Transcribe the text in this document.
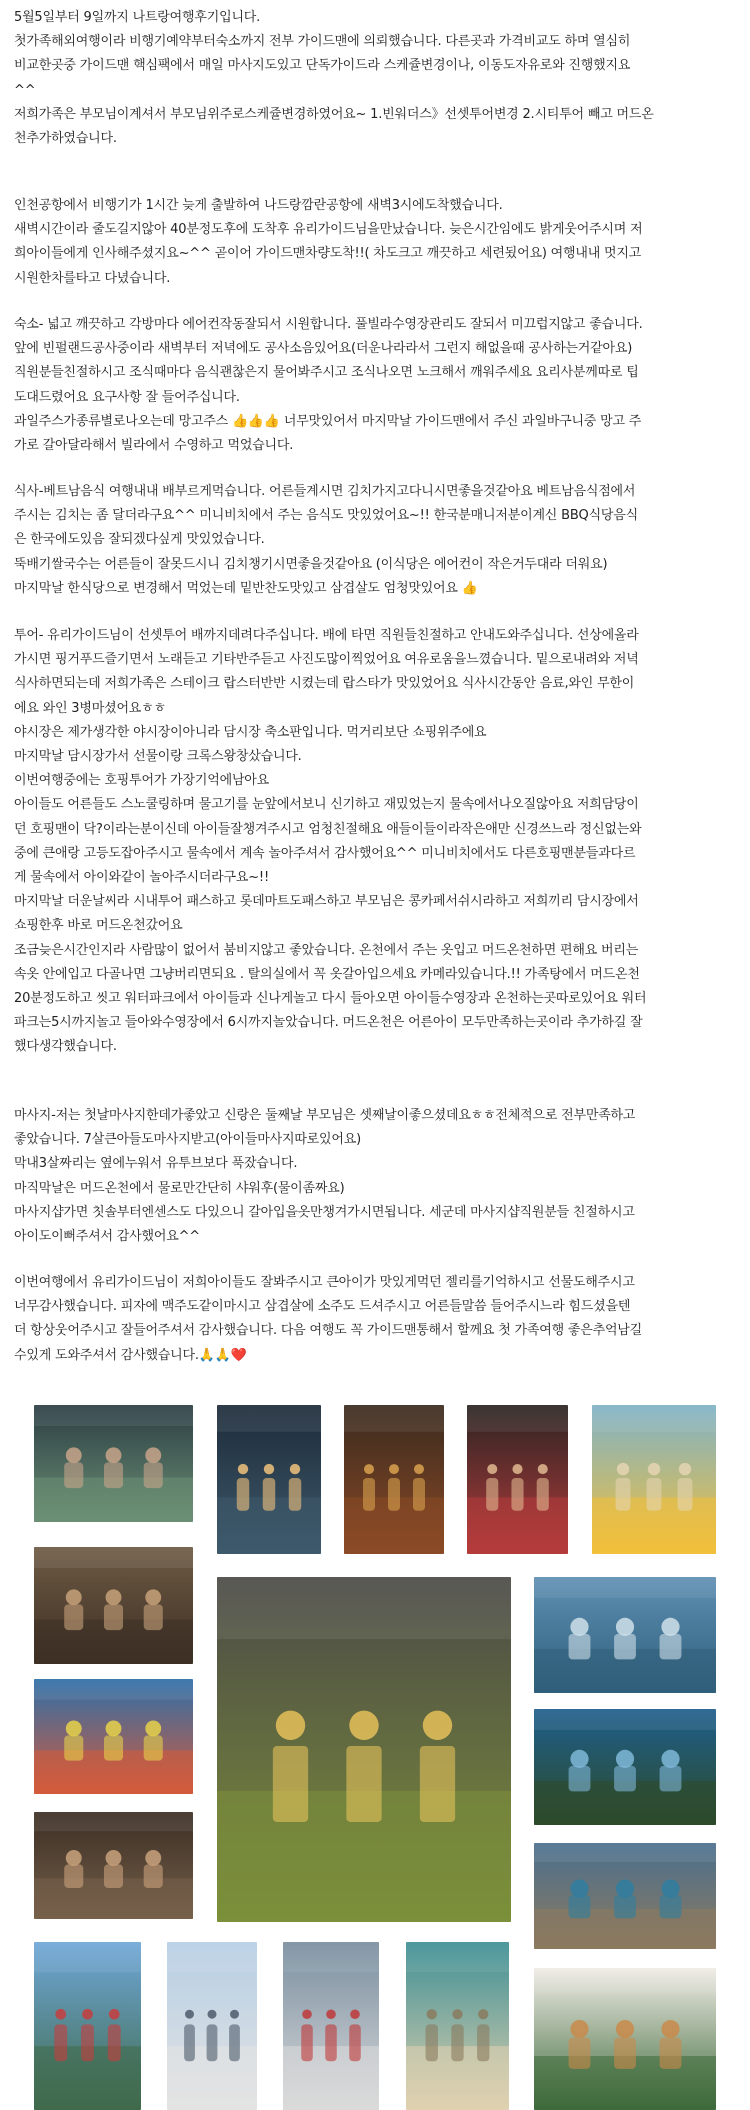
5월5일부터 9일까지 나트랑여행후기입니다.
첫가족해외여행이라 비행기예약부터숙소까지 전부 가이드맨에 의뢰했습니다. 다른곳과 가격비교도 하며 열심히
비교한곳중 가이드맨 핵심팩에서 매일 마사지도있고 단독가이드라 스케쥴변경이나, 이동도자유로와 진행했지요
^^
저희가족은 부모님이계셔서 부모님위주로스케쥴변경하였어요~ 1.빈워더스》선셋투어변경 2.시티투어 빼고 머드온
천추가하였습니다.
인천공항에서 비행기가 1시간 늦게 출발하여 나드랑깜란공항에 새벽3시에도착했습니다.
새벽시간이라 줄도길지않아 40분정도후에 도착후 유리가이드님을만났습니다. 늦은시간임에도 밝게웃어주시며 저
희아이들에게 인사해주셨지요~^^ 곧이어 가이드맨차량도착!!( 차도크고 깨끗하고 세련됬어요) 여행내내 멋지고
시원한차를타고 다녔습니다.
숙소- 넓고 깨끗하고 각방마다 에어컨작동잘되서 시원합니다. 풀빌라수영장관리도 잘되서 미끄럽지않고 좋습니다.
앞에 빈펄랜드공사중이라 새벽부터 저녁에도 공사소음있어요(더운나라라서 그런지 해없을때 공사하는거같아요)
직원분들친절하시고 조식때마다 음식괜찮은지 물어봐주시고 조식나오면 노크해서 깨워주세요 요리사분께따로 팁
도대드렸어요 요구사항 잘 들어주십니다.
과일주스가종류별로나오는데 망고주스 👍👍👍 너무맛있어서 마지막날 가이드맨에서 주신 과일바구니중 망고 주
가로 갈아달라해서 빌라에서 수영하고 먹었습니다.
식사-베트남음식 여행내내 배부르게먹습니다. 어른들계시면 김치가지고다니시면좋을것같아요 베트남음식점에서
주시는 김치는 좀 달더라구요^^ 미니비치에서 주는 음식도 맛있었어요~!! 한국분매니저분이계신 BBQ식당음식
은 한국에도있음 잘되겠다싶게 맛있었습니다.
뚝배기쌀국수는 어른들이 잘못드시니 김치챙기시면좋을것같아요 (이식당은 에어컨이 작은거두대라 더워요)
마지막날 한식당으로 변경해서 먹었는데 밑반찬도맛있고 삼겹살도 엄청맛있어요 👍
투어- 유리가이드님이 선셋투어 배까지데려다주십니다. 배에 타면 직원들친절하고 안내도와주십니다. 선상에올라
가시면 핑거푸드즐기면서 노래듣고 기타반주듣고 사진도많이찍었어요 여유로움을느꼈습니다. 밑으로내려와 저녁
식사하면되는데 저희가족은 스테이크 랍스터반반 시켰는데 랍스타가 맛있었어요 식사시간동안 음료,와인 무한이
에요 와인 3병마셨어요ㅎㅎ
야시장은 제가생각한 야시장이아니라 담시장 축소판입니다. 먹거리보단 쇼핑위주에요
마지막날 담시장가서 선물이랑 크록스왕창샀습니다.
이번여행중에는 호핑투어가 가장기억에남아요
아이들도 어른들도 스노쿨링하며 물고기를 눈앞에서보니 신기하고 재밌었는지 물속에서나오질않아요 저희담당이
던 호핑맨이 닥?이라는분이신데 아이들잘챙겨주시고 엄청친절해요 애들이들이라작은애만 신경쓰느라 정신없는와
중에 큰애랑 고등도잡아주시고 물속에서 계속 놀아주셔서 감사했어요^^ 미니비치에서도 다른호핑맨분들과다르
게 물속에서 아이와같이 놀아주시더라구요~!!
마지막날 더운날씨라 시내투어 패스하고 롯데마트도패스하고 부모님은 콩카페서쉬시라하고 저희끼리 담시장에서
쇼핑한후 바로 머드온천갔어요
조금늦은시간인지라 사람많이 없어서 붐비지않고 좋았습니다. 온천에서 주는 옷입고 머드온천하면 편해요 버리는
속옷 안에입고 다골나면 그냥버리면되요 . 탈의실에서 꼭 옷갈아입으세요 카메라있습니다.!! 가족탕에서 머드온천
20분정도하고 씻고 워터파크에서 아이들과 신나게놀고 다시 들아오면 아이들수영장과 온천하는곳따로있어요 워터
파크는5시까지놀고 들아와수영장에서 6시까지놀았습니다. 머드온천은 어른아이 모두만족하는곳이라 추가하길 잘
했다생각했습니다.
마사지-저는 첫날마사지한데가좋았고 신랑은 둘째날 부모님은 셋째날이좋으셨데요ㅎㅎ전체적으로 전부만족하고
좋았습니다. 7살큰아들도마사지받고(아이들마사지따로있어요)
막내3살짜리는 옆에누워서 유투브보다 푹잤습니다.
마직막날은 머드온천에서 물로만간단히 샤워후(물이좀짜요)
마사지샵가면 칫솔부터엔센스도 다있으니 갈아입을옷만챙겨가시면됩니다. 세군데 마사지샵직원분들 친절하시고
아이도이뻐주셔서 감사했어요^^
이번여행에서 유리가이드님이 저희아이들도 잘봐주시고 큰아이가 맛있게먹던 젤리를기억하시고 선물도해주시고
너무감사했습니다. 피자에 맥주도같이마시고 삼겹살에 소주도 드셔주시고 어른들말씀 들어주시느라 힘드셨을텐
더 항상웃어주시고 잘들어주셔서 감사했습니다. 다음 여행도 꼭 가이드맨통해서 할께요 첫 가족여행 좋은추억남길
수있게 도와주셔서 감사했습니다.🙏🙏❤️
